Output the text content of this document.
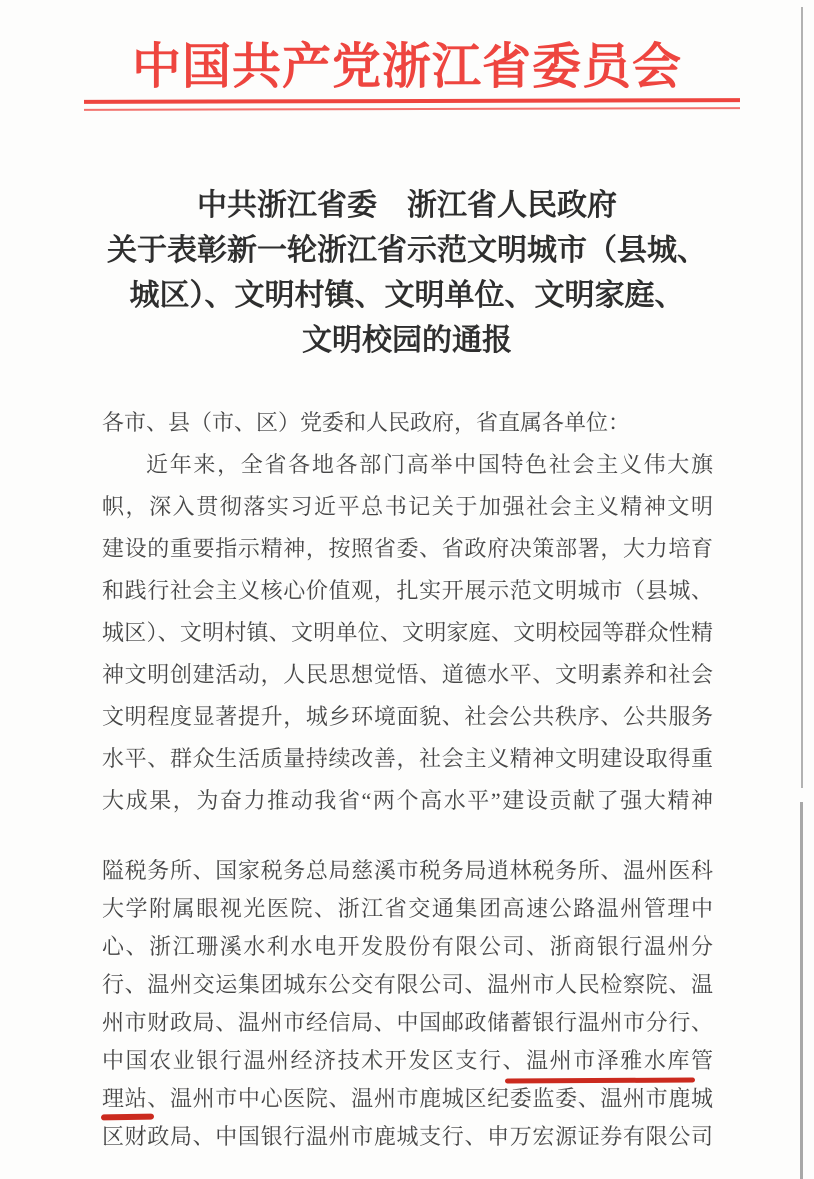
中国共产党浙江省委员会
中共浙江省委　浙江省人民政府
关于表彰新一轮浙江省示范文明城市（县城、
城区）、文明村镇、文明单位、文明家庭、
文明校园的通报
各市、县（市、区）党委和人民政府，省直属各单位：
近年来，全省各地各部门高举中国特色社会主义伟大旗
帜，深入贯彻落实习近平总书记关于加强社会主义精神文明
建设的重要指示精神，按照省委、省政府决策部署，大力培育
和践行社会主义核心价值观，扎实开展示范文明城市（县城、
城区）、文明村镇、文明单位、文明家庭、文明校园等群众性精
神文明创建活动，人民思想觉悟、道德水平、文明素养和社会
文明程度显著提升，城乡环境面貌、社会公共秩序、公共服务
水平、群众生活质量持续改善，社会主义精神文明建设取得重
大成果，为奋力推动我省“两个高水平”建设贡献了强大精神
隘税务所、国家税务总局慈溪市税务局逍林税务所、温州医科
大学附属眼视光医院、浙江省交通集团高速公路温州管理中
心、浙江珊溪水利水电开发股份有限公司、浙商银行温州分
行、温州交运集团城东公交有限公司、温州市人民检察院、温
州市财政局、温州市经信局、中国邮政储蓄银行温州市分行、
中国农业银行温州经济技术开发区支行、温州市泽雅水库管
理站、温州市中心医院、温州市鹿城区纪委监委、温州市鹿城
区财政局、中国银行温州市鹿城支行、申万宏源证券有限公司
